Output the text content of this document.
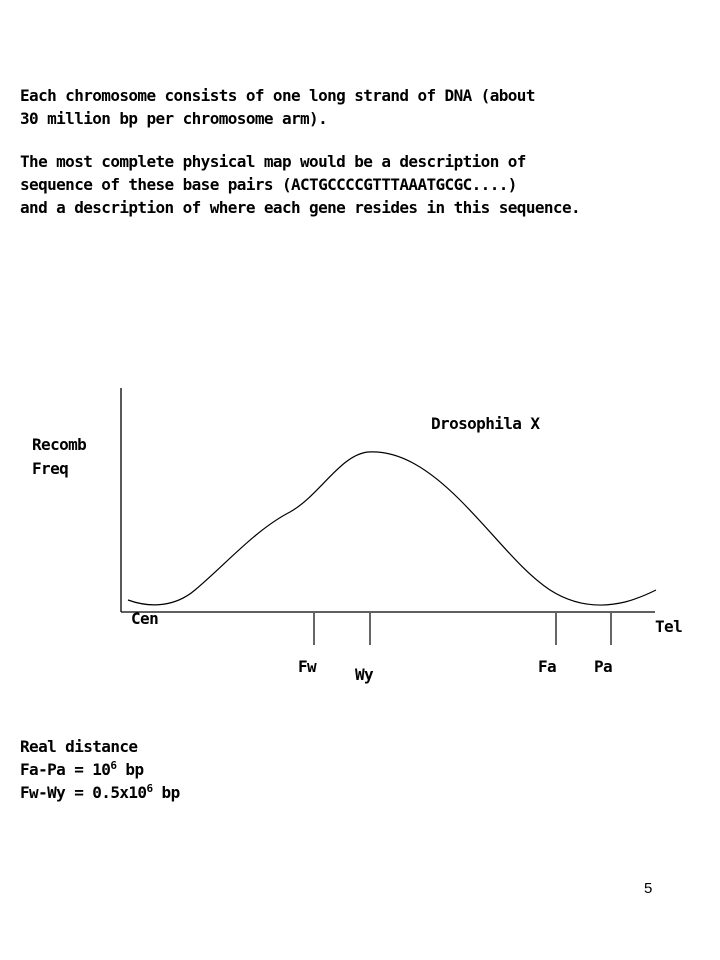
Each chromosome consists of one long strand of DNA (about
30 million bp per chromosome arm).
The most complete physical map would be a description of
sequence of these base pairs (ACTGCCCCGTTTAAATGCGC....)
and a description of where each gene resides in this sequence.
Drosophila X
Recomb
Freq
Cen	Tel
Fw Wy	Fa Pa
Real distance
$Fa-Pa = 10^6$ bp
$Fw-Wy = 0.5x10^6$ bp
5
